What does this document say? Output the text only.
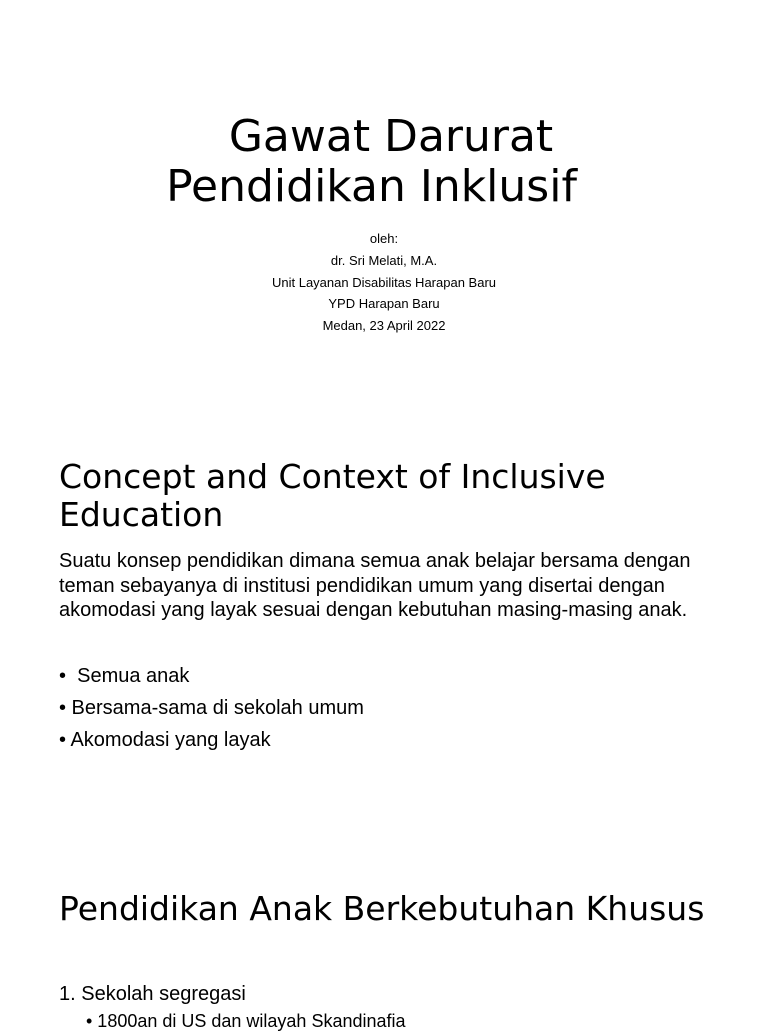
Gawat Darurat
Pendidikan Inklusif
oleh:
dr. Sri Melati, M.A.
Unit Layanan Disabilitas Harapan Baru
YPD Harapan Baru
Medan, 23 April 2022
Concept and Context of Inclusive Education

Suatu konsep pendidikan dimana semua anak belajar bersama dengan teman sebayanya di institusi pendidikan umum yang disertai dengan akomodasi yang layak sesuai dengan kebutuhan masing-masing anak.

•  Semua anak
• Bersama-sama di sekolah umum
• Akomodasi yang layak
Pendidikan Anak Berkebutuhan Khusus

1. Sekolah segregasi

• 1800an di US dan wilayah Skandinafia
